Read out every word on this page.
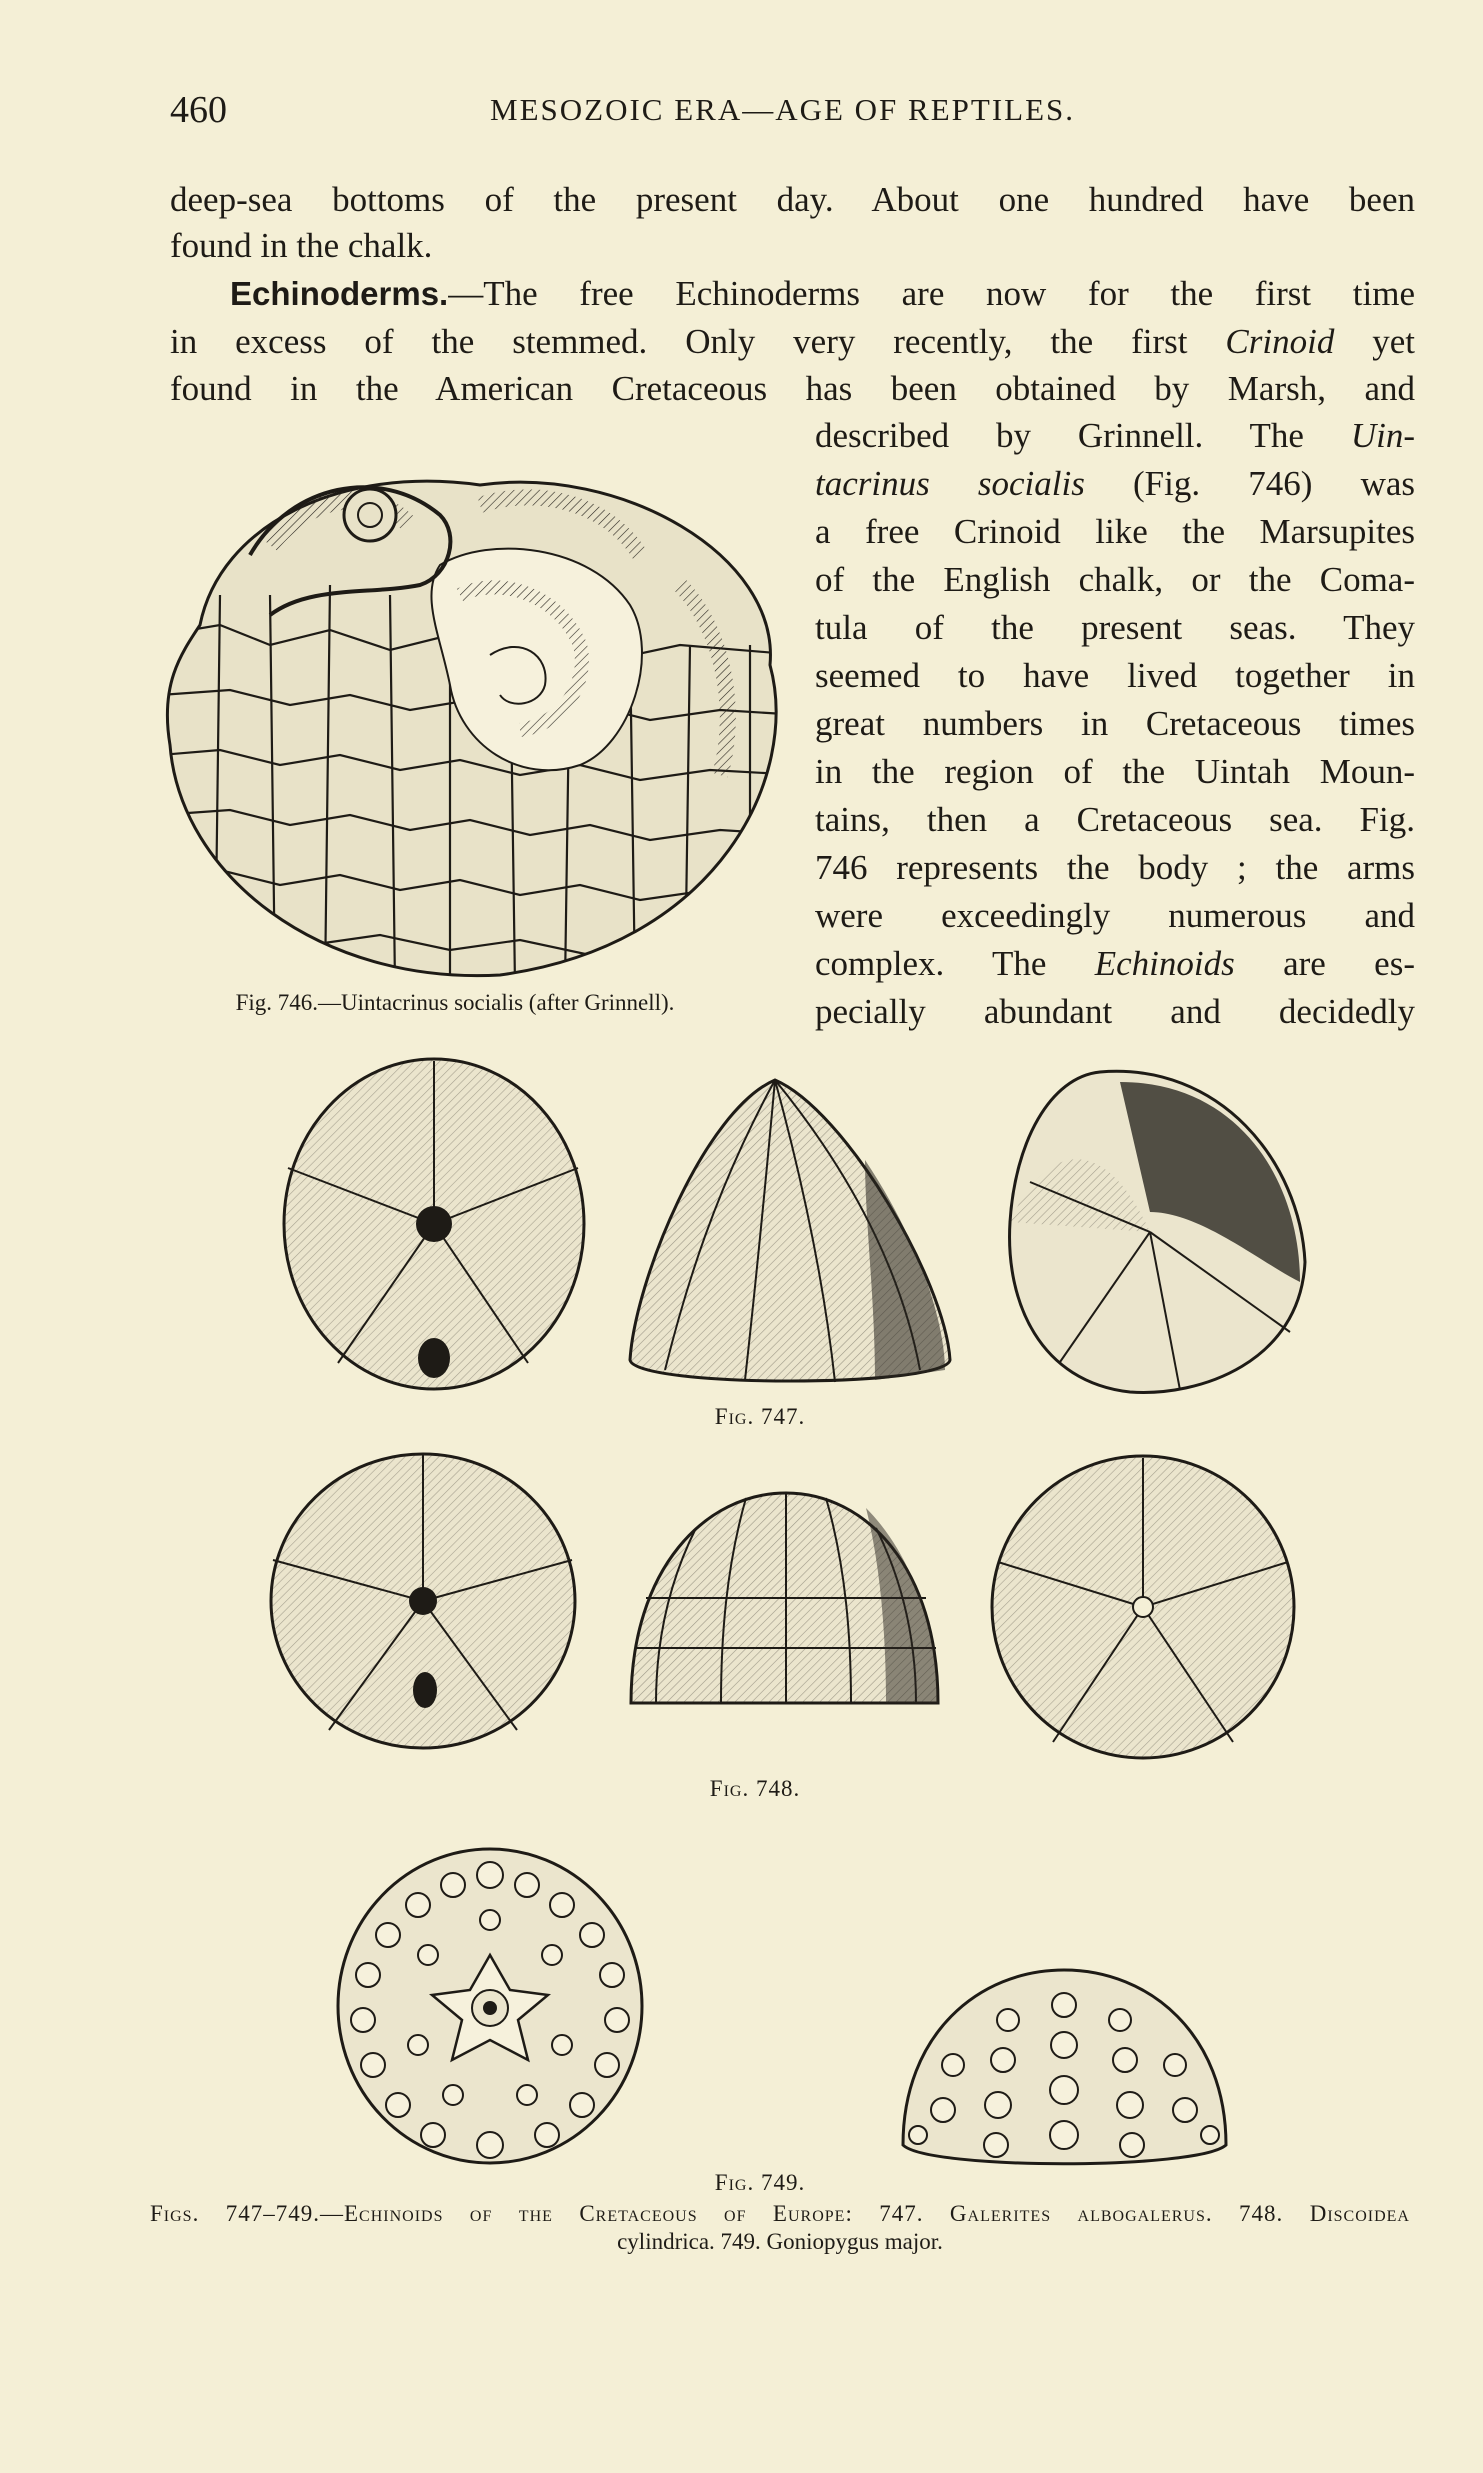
460	MESOZOIC ERA—AGE OF REPTILES.
deep-sea bottoms of the present day. About one hundred have been
found in the chalk.
Echinoderms.—The free Echinoderms are now for the first time
in excess of the stemmed. Only very recently, the first Crinoid yet
found in the American Cretaceous has been obtained by Marsh, and
described by Grinnell. The Uin-
tacrinus socialis (Fig. 746) was
a free Crinoid like the Marsupites
of the English chalk, or the Coma-
tula of the present seas. They
seemed to have lived together in
great numbers in Cretaceous times
in the region of the Uintah Moun-
tains, then a Cretaceous sea. Fig.
746 represents the body ; the arms
were exceedingly numerous and
complex. The Echinoids are es-
pecially abundant and decidedly
Fig. 746.—Uintacrinus socialis (after Grinnell).
Fig. 747.
Fig. 748.
Fig. 749.
Figs. 747–749.—Echinoids of the Cretaceous of Europe: 747. Galerites albogalerus. 748. Discoidea
cylindrica. 749. Goniopygus major.
